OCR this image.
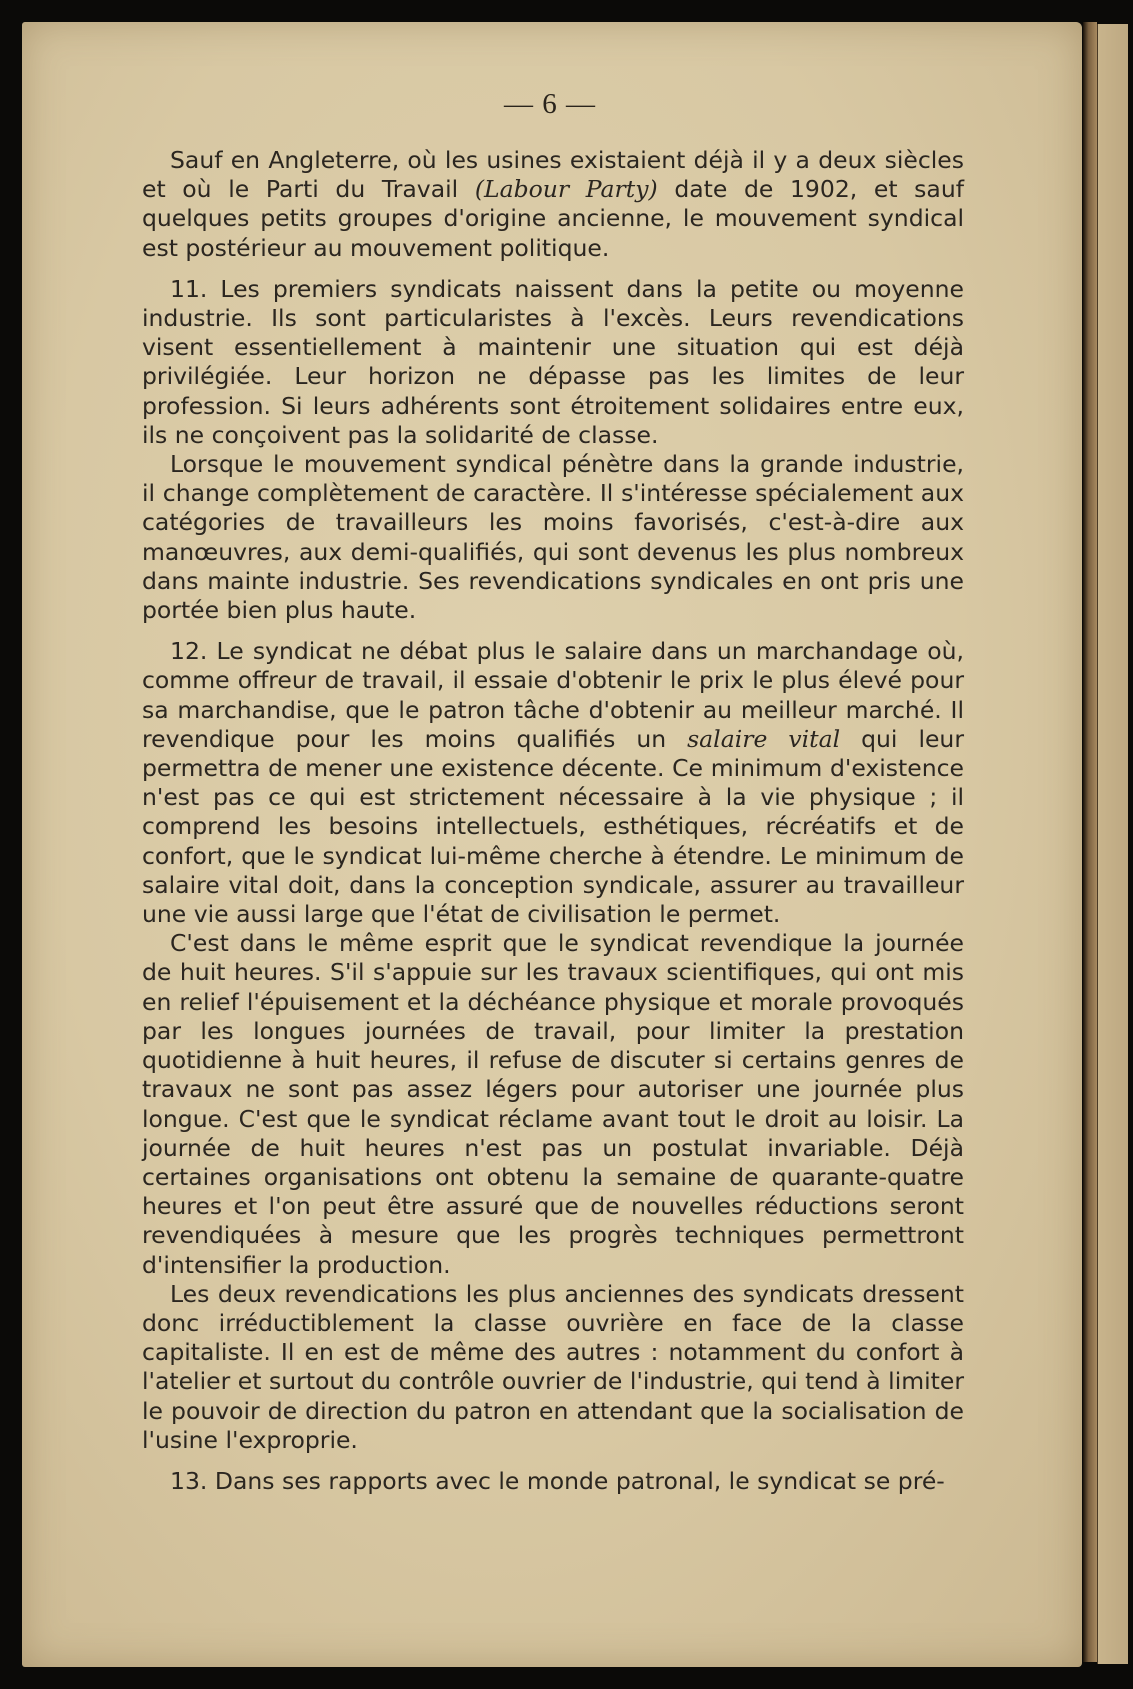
— 6 —

Sauf en Angleterre, où les usines existaient déjà il y a deux siècles et où le Parti du Travail (Labour Party) date de 1902, et sauf quelques petits groupes d'origine ancienne, le mouvement syndical est postérieur au mouvement politique.

11. Les premiers syndicats naissent dans la petite ou moyenne industrie. Ils sont particularistes à l'excès. Leurs revendications visent essentiellement à maintenir une situation qui est déjà privilégiée. Leur horizon ne dépasse pas les limites de leur profession. Si leurs adhérents sont étroitement solidaires entre eux, ils ne conçoivent pas la solidarité de classe.

Lorsque le mouvement syndical pénètre dans la grande industrie, il change complètement de caractère. Il s'intéresse spécialement aux catégories de travailleurs les moins favorisés, c'est-à-dire aux manœuvres, aux demi-qualifiés, qui sont devenus les plus nombreux dans mainte industrie. Ses revendications syndicales en ont pris une portée bien plus haute.

12. Le syndicat ne débat plus le salaire dans un marchandage où, comme offreur de travail, il essaie d'obtenir le prix le plus élevé pour sa marchandise, que le patron tâche d'obtenir au meilleur marché. Il revendique pour les moins qualifiés un salaire vital qui leur permettra de mener une existence décente. Ce minimum d'existence n'est pas ce qui est strictement nécessaire à la vie physique ; il comprend les besoins intellectuels, esthétiques, récréatifs et de confort, que le syndicat lui-même cherche à étendre. Le minimum de salaire vital doit, dans la conception syndicale, assurer au travailleur une vie aussi large que l'état de civilisation le permet.

C'est dans le même esprit que le syndicat revendique la journée de huit heures. S'il s'appuie sur les travaux scientifiques, qui ont mis en relief l'épuisement et la déchéance physique et morale provoqués par les longues journées de travail, pour limiter la prestation quotidienne à huit heures, il refuse de discuter si certains genres de travaux ne sont pas assez légers pour autoriser une journée plus longue. C'est que le syndicat réclame avant tout le droit au loisir. La journée de huit heures n'est pas un postulat invariable. Déjà certaines organisations ont obtenu la semaine de quarante-quatre heures et l'on peut être assuré que de nouvelles réductions seront revendiquées à mesure que les progrès techniques permettront d'intensifier la production.

Les deux revendications les plus anciennes des syndicats dressent donc irréductiblement la classe ouvrière en face de la classe capitaliste. Il en est de même des autres : notamment du confort à l'atelier et surtout du contrôle ouvrier de l'industrie, qui tend à limiter le pouvoir de direction du patron en attendant que la socialisation de l'usine l'exproprie.

13. Dans ses rapports avec le monde patronal, le syndicat se pré-
